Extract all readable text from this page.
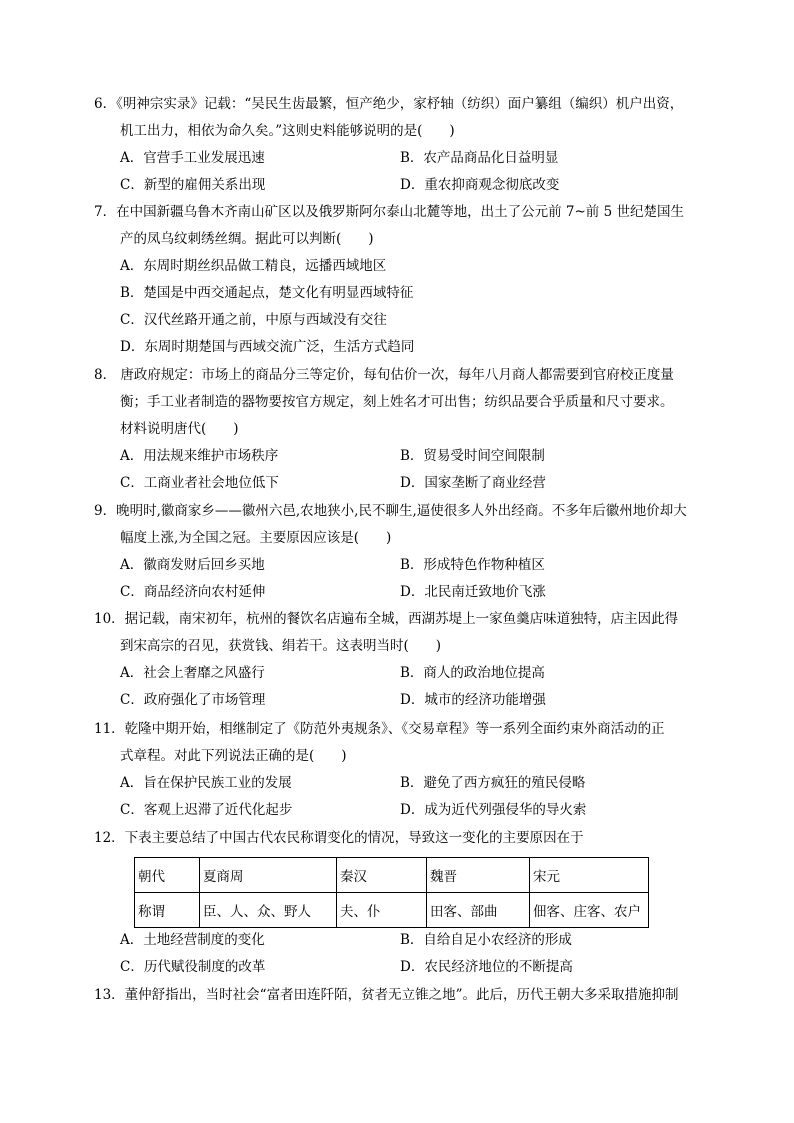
6．《明神宗实录》记载：“吴民生齿最繁，恒产绝少，家杼轴（纺织）面户纂组（编织）机户出资，
机工出力，相依为命久矣。”这则史料能够说明的是(　　)
A．官营手工业发展迅速	B．农产品商品化日益明显
C．新型的雇佣关系出现	D．重农抑商观念彻底改变
7．在中国新疆乌鲁木齐南山矿区以及俄罗斯阿尔泰山北麓等地，出土了公元前 7~前 5 世纪楚国生
产的凤乌纹刺绣丝绸。据此可以判断(　　)
A．东周时期丝织品做工精良，远播西域地区
B．楚国是中西交通起点，楚文化有明显西域特征
C．汉代丝路开通之前，中原与西域没有交往
D．东周时期楚国与西域交流广泛，生活方式趋同
8． 唐政府规定：市场上的商品分三等定价，每旬估价一次，每年八月商人都需要到官府校正度量
衡；手工业者制造的器物要按官方规定，刻上姓名才可出售；纺织品要合乎质量和尺寸要求。
材料说明唐代(　　)
A．用法规来维护市场秩序	B．贸易受时间空间限制
C．工商业者社会地位低下	D．国家垄断了商业经营
9．晚明时,徽商家乡——徽州六邑,农地狭小,民不聊生,逼使很多人外出经商。不多年后徽州地价却大
幅度上涨,为全国之冠。主要原因应该是(　　)
A．徽商发财后回乡买地	B．形成特色作物种植区
C．商品经济向农村延伸	D．北民南迁致地价飞涨
10．据记载，南宋初年，杭州的餐饮名店遍布全城，西湖苏堤上一家鱼羹店味道独特，店主因此得
到宋高宗的召见，获赏钱、绢若干。这表明当时(　　)
A．社会上奢靡之风盛行	B．商人的政治地位提高
C．政府强化了市场管理	D．城市的经济功能增强
11．乾隆中期开始，相继制定了《防范外夷规条》、《交易章程》等一系列全面约束外商活动的正
式章程。对此下列说法正确的是(　　)
A．旨在保护民族工业的发展	B．避免了西方疯狂的殖民侵略
C．客观上迟滞了近代化起步	D．成为近代列强侵华的导火索
12．下表主要总结了中国古代农民称谓变化的情况，导致这一变化的主要原因在于
朝代	夏商周	秦汉	魏晋	宋元
称谓	臣、人、众、野人	夫、仆	田客、部曲	佃客、庄客、农户
A．土地经营制度的变化	B．自给自足小农经济的形成
C．历代赋役制度的改革	D．农民经济地位的不断提高
13．董仲舒指出，当时社会“富者田连阡陌，贫者无立锥之地”。此后，历代王朝大多采取措施抑制
